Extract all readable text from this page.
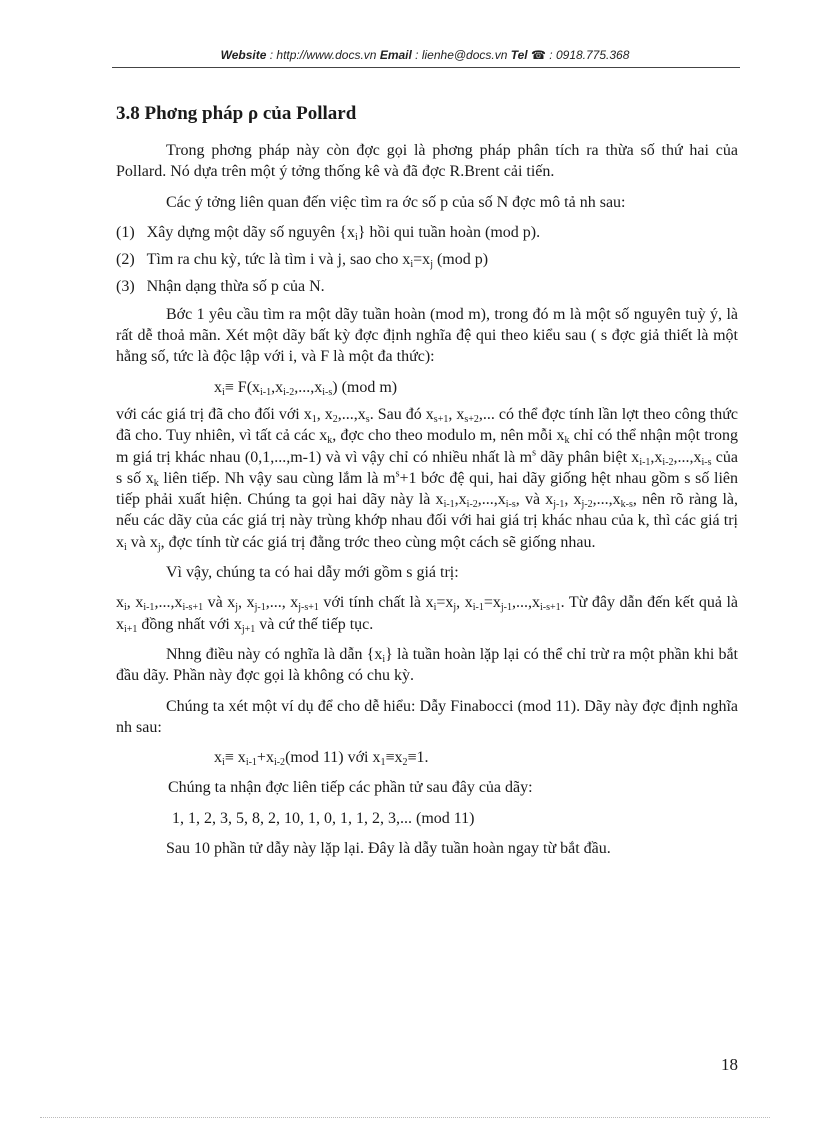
Website : http://www.docs.vn Email : lienhe@docs.vn Tel ☎ : 0918.775.368
3.8 Phơng pháp ρ của Pollard

Trong phơng pháp này còn đợc gọi là phơng pháp phân tích ra thừa số thứ hai của Pollard. Nó dựa trên một ý tởng thống kê và đã đợc R.Brent cải tiến.

Các ý tởng liên quan đến việc tìm ra ớc số p của số N đợc mô tả nh sau:

(1) Xây dựng một dãy số nguyên $\{x_i\}$ hồi qui tuần hoàn (mod p).

(2) Tìm ra chu kỳ, tức là tìm i và j, sao cho $x_i=x_j$ (mod p)

(3) Nhận dạng thừa số p của N.

Bớc 1 yêu cầu tìm ra một dãy tuần hoàn (mod m), trong đó m là một số nguyên tuỳ ý, là rất dễ thoả mãn. Xét một dãy bất kỳ đợc định nghĩa đệ qui theo kiểu sau ( s đợc giả thiết là một hằng số, tức là độc lập với i, và F là một đa thức):

$x_i\equiv F(x_{i-1},x_{i-2},...,x_{i-s})$ (mod m)

với các giá trị đã cho đối với $x_1$, $x_2,...,x_s$. Sau đó $x_{s+1}$, $x_{s+2}$,... có thể đợc tính lần lợt theo công thức đã cho. Tuy nhiên, vì tất cả các $x_k$, đợc cho theo modulo m, nên mỗi $x_k$ chỉ có thể nhận một trong m giá trị khác nhau (0,1,...,m-1) và vì vậy chỉ có nhiều nhất là $m^s$ dãy phân biệt $x_{i-1},x_{i-2},...,x_{i-s}$ của s số $x_k$ liên tiếp. Nh vậy sau cùng lắm là $m^s+1$ bớc đệ qui, hai dãy giống hệt nhau gồm s số liên tiếp phải xuất hiện. Chúng ta gọi hai dãy này là $x_{i-1},x_{i-2},...,x_{i-s}$, và $x_{j-1}$, $x_{j-2},...,x_{k-s}$, nên rõ ràng là, nếu các dãy của các giá trị này trùng khớp nhau đối với hai giá trị khác nhau của k, thì các giá trị $x_i$ và $x_j$, đợc tính từ các giá trị đằng trớc theo cùng một cách sẽ giống nhau.

Vì vậy, chúng ta có hai dẫy mới gồm s giá trị:

$x_i$, $x_{i-1},...,x_{i-s+1}$ và $x_j$, $x_{j-1}$,..., $x_{j-s+1}$ với tính chất là $x_i=x_j$, $x_{i-1}=x_{j-1},...,x_{i-s+1}$. Từ đây dẫn đến kết quả là $x_{i+1}$ đồng nhất với $x_{j+1}$ và cứ thế tiếp tục.

Nhng điều này có nghĩa là dẫn $\{x_i\}$ là tuần hoàn lặp lại có thể chỉ trừ ra một phần khi bắt đầu dãy. Phần này đợc gọi là không có chu kỳ.

Chúng ta xét một ví dụ để cho dễ hiểu: Dẫy Finabocci (mod 11). Dãy này đợc định nghĩa nh sau:

$x_i\equiv x_{i-1}+x_{i-2}(mod$ 11) với $x_1\equiv x_2\equiv 1$.

Chúng ta nhận đợc liên tiếp các phần tử sau đây của dãy:

1, 1, 2, 3, 5, 8, 2, 10, 1, 0, 1, 1, 2, 3,... (mod 11)

Sau 10 phần tử dẫy này lặp lại. Đây là dẫy tuần hoàn ngay từ bắt đầu.

18
